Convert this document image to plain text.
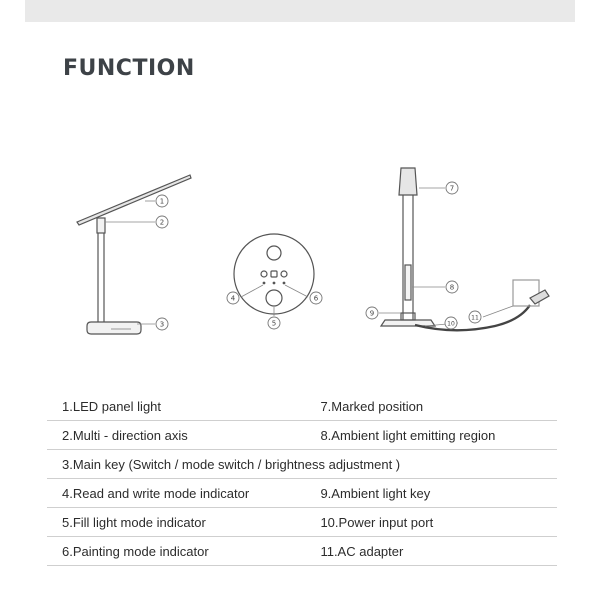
FUNCTION
1
2
3
4
5
6
7
8
9
10
11
1.LED panel light	7.Marked position
2.Multi - direction axis	8.Ambient light emitting region
3.Main key (Switch / mode switch / brightness adjustment )	
4.Read and write mode indicator	9.Ambient light key
5.Fill light mode indicator	10.Power input port
6.Painting mode indicator	11.AC adapter
